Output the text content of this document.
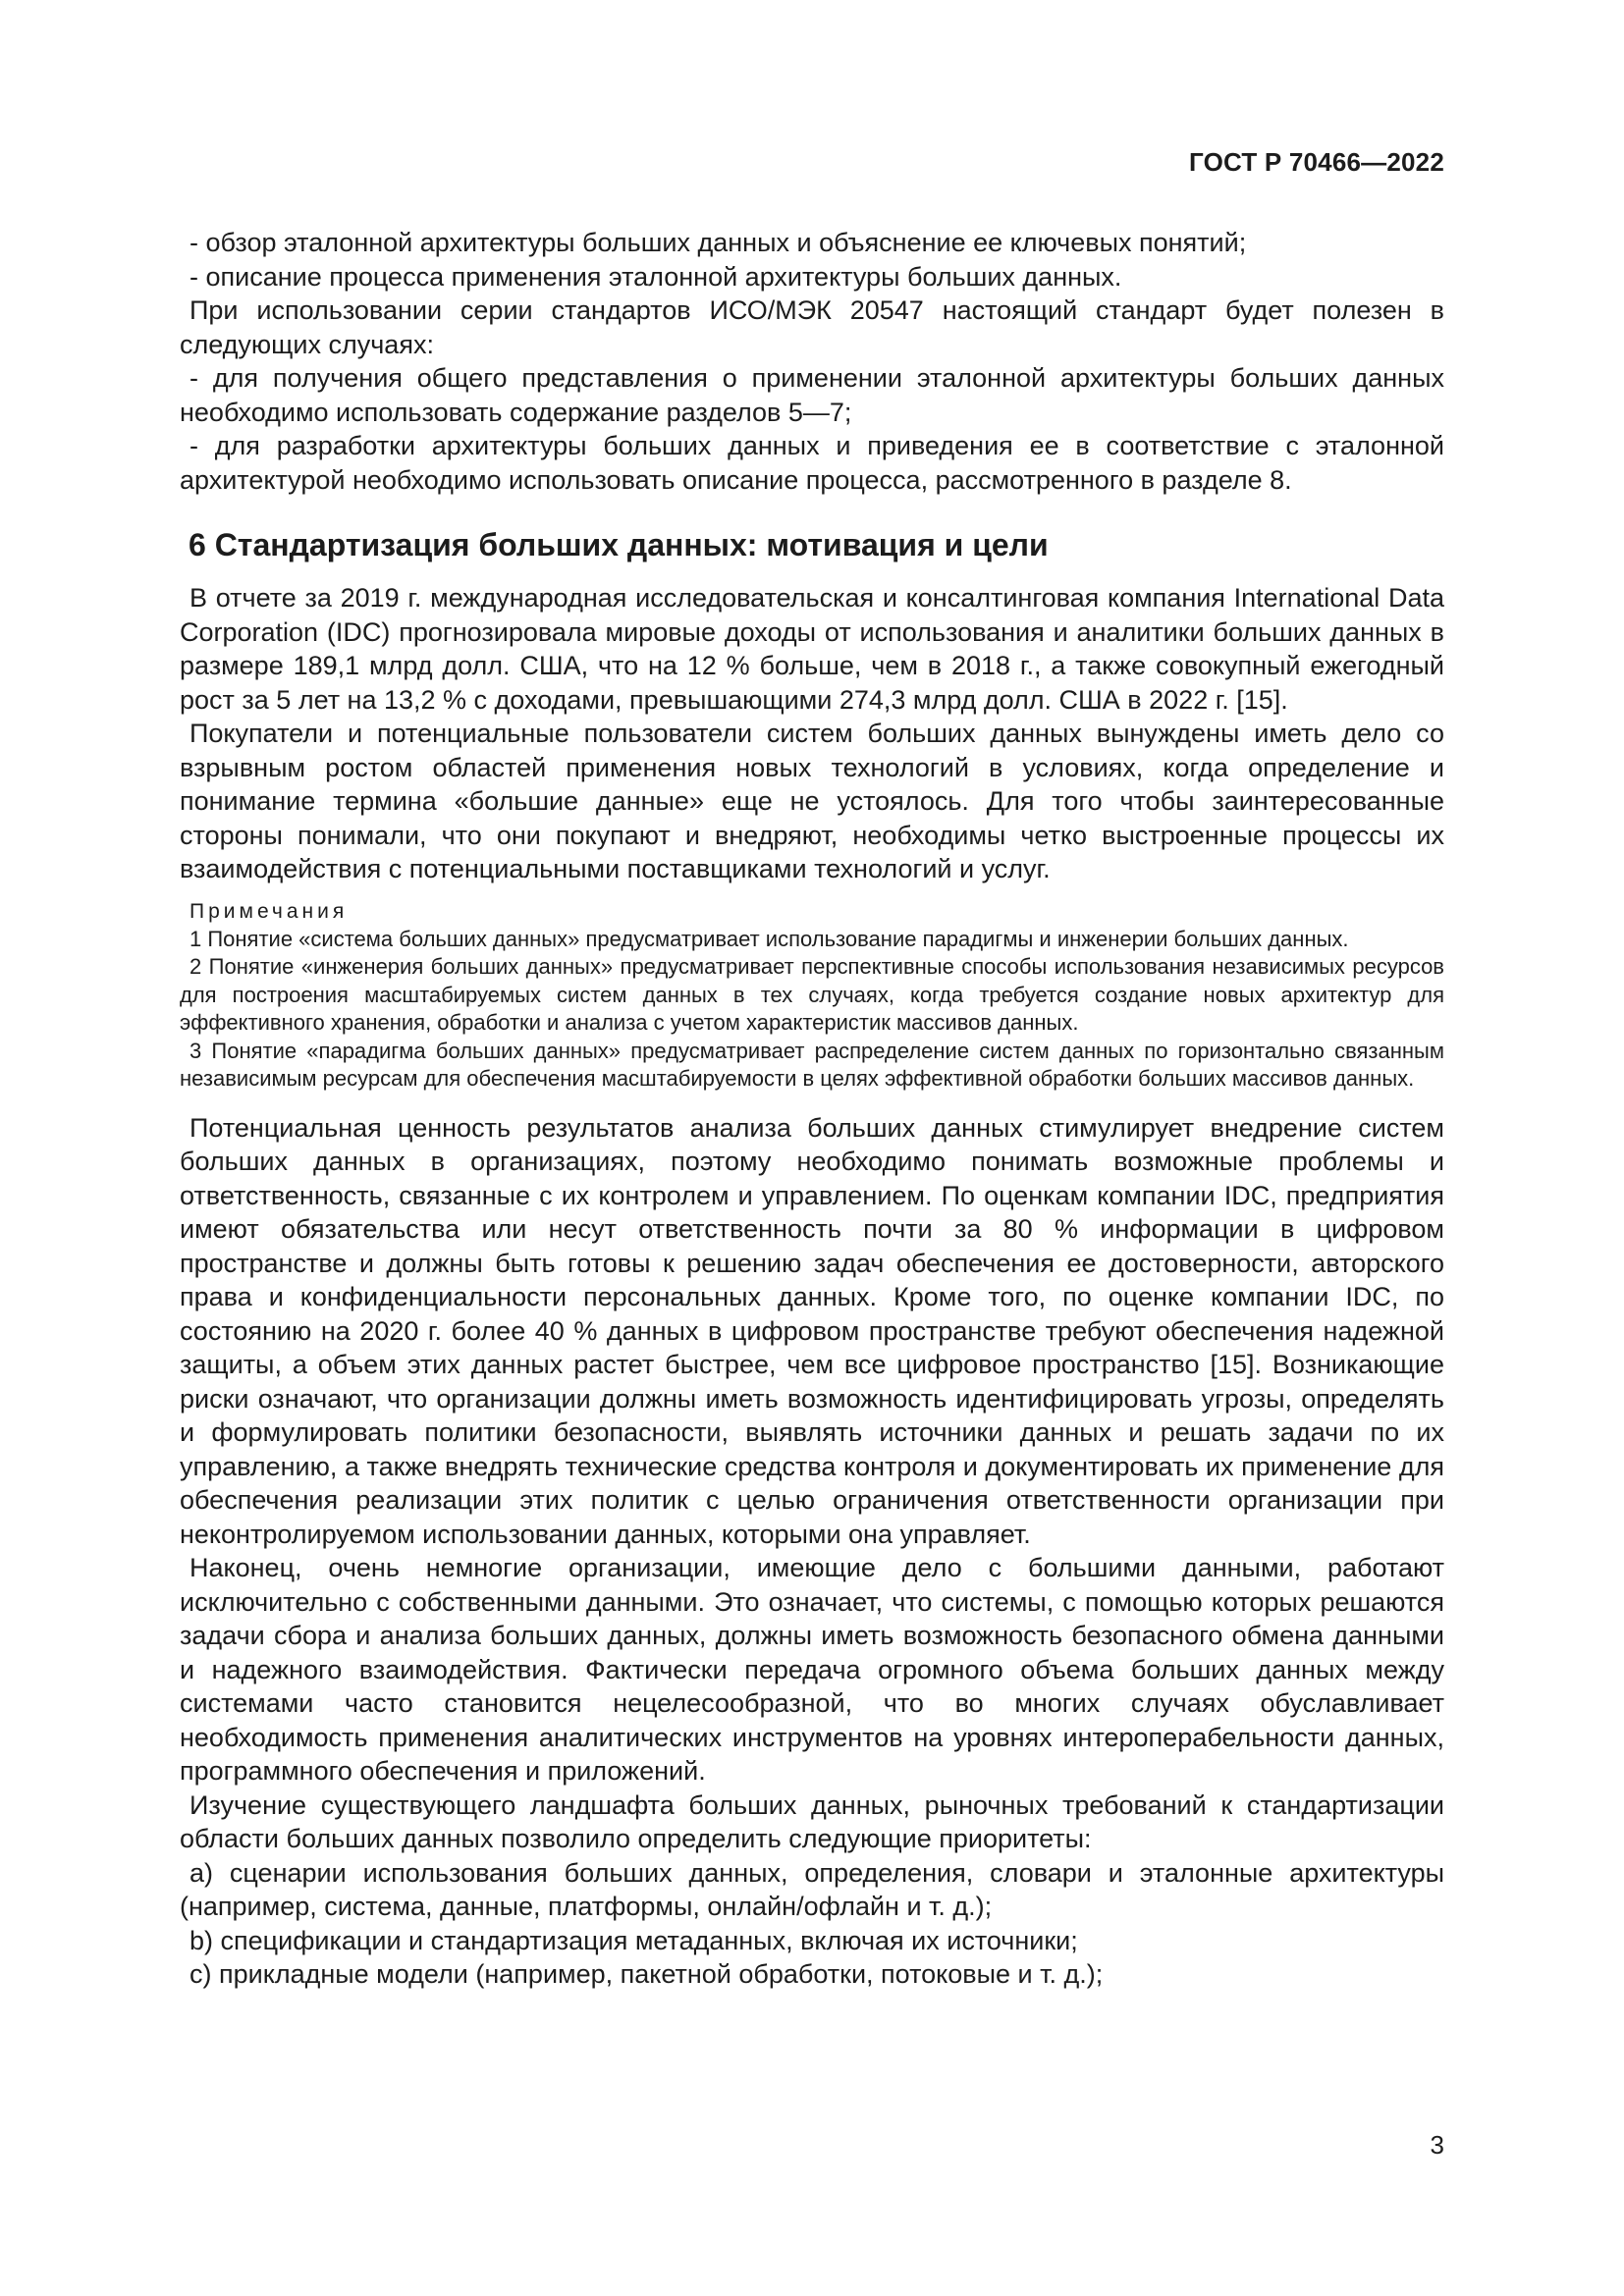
ГОСТ Р 70466—2022

- обзор эталонной архитектуры больших данных и объяснение ее ключевых понятий;

- описание процесса применения эталонной архитектуры больших данных.

При использовании серии стандартов ИСО/МЭК 20547 настоящий стандарт будет полезен в следующих случаях:

- для получения общего представления о применении эталонной архитектуры больших данных необходимо использовать содержание разделов 5—7;

- для разработки архитектуры больших данных и приведения ее в соответствие с эталонной архитектурой необходимо использовать описание процесса, рассмотренного в разделе 8.

6 Стандартизация больших данных: мотивация и цели

В отчете за 2019 г. международная исследовательская и консалтинговая компания International Data Corporation (IDC) прогнозировала мировые доходы от использования и аналитики больших данных в размере 189,1 млрд долл. США, что на 12 % больше, чем в 2018 г., а также совокупный ежегодный рост за 5 лет на 13,2 % с доходами, превышающими 274,3 млрд долл. США в 2022 г. [15].

Покупатели и потенциальные пользователи систем больших данных вынуждены иметь дело со взрывным ростом областей применения новых технологий в условиях, когда определение и понимание термина «большие данные» еще не устоялось. Для того чтобы заинтересованные стороны понимали, что они покупают и внедряют, необходимы четко выстроенные процессы их взаимодействия с потенциальными поставщиками технологий и услуг.

Примечания

1 Понятие «система больших данных» предусматривает использование парадигмы и инженерии больших данных.

2 Понятие «инженерия больших данных» предусматривает перспективные способы использования независимых ресурсов для построения масштабируемых систем данных в тех случаях, когда требуется создание новых архитектур для эффективного хранения, обработки и анализа с учетом характеристик массивов данных.

3 Понятие «парадигма больших данных» предусматривает распределение систем данных по горизонтально связанным независимым ресурсам для обеспечения масштабируемости в целях эффективной обработки больших массивов данных.

Потенциальная ценность результатов анализа больших данных стимулирует внедрение систем больших данных в организациях, поэтому необходимо понимать возможные проблемы и ответственность, связанные с их контролем и управлением. По оценкам компании IDC, предприятия имеют обязательства или несут ответственность почти за 80 % информации в цифровом пространстве и должны быть готовы к решению задач обеспечения ее достоверности, авторского права и конфиденциальности персональных данных. Кроме того, по оценке компании IDC, по состоянию на 2020 г. более 40 % данных в цифровом пространстве требуют обеспечения надежной защиты, а объем этих данных растет быстрее, чем все цифровое пространство [15]. Возникающие риски означают, что организации должны иметь возможность идентифицировать угрозы, определять и формулировать политики безопасности, выявлять источники данных и решать задачи по их управлению, а также внедрять технические средства контроля и документировать их применение для обеспечения реализации этих политик с целью ограничения ответственности организации при неконтролируемом использовании данных, которыми она управляет.

Наконец, очень немногие организации, имеющие дело с большими данными, работают исключительно с собственными данными. Это означает, что системы, с помощью которых решаются задачи сбора и анализа больших данных, должны иметь возможность безопасного обмена данными и надежного взаимодействия. Фактически передача огромного объема больших данных между системами часто становится нецелесообразной, что во многих случаях обуславливает необходимость применения аналитических инструментов на уровнях интероперабельности данных, программного обеспечения и приложений.

Изучение существующего ландшафта больших данных, рыночных требований к стандартизации области больших данных позволило определить следующие приоритеты:

а) сценарии использования больших данных, определения, словари и эталонные архитектуры (например, система, данные, платформы, онлайн/офлайн и т. д.);

b) спецификации и стандартизация метаданных, включая их источники;

c) прикладные модели (например, пакетной обработки, потоковые и т. д.);

3
